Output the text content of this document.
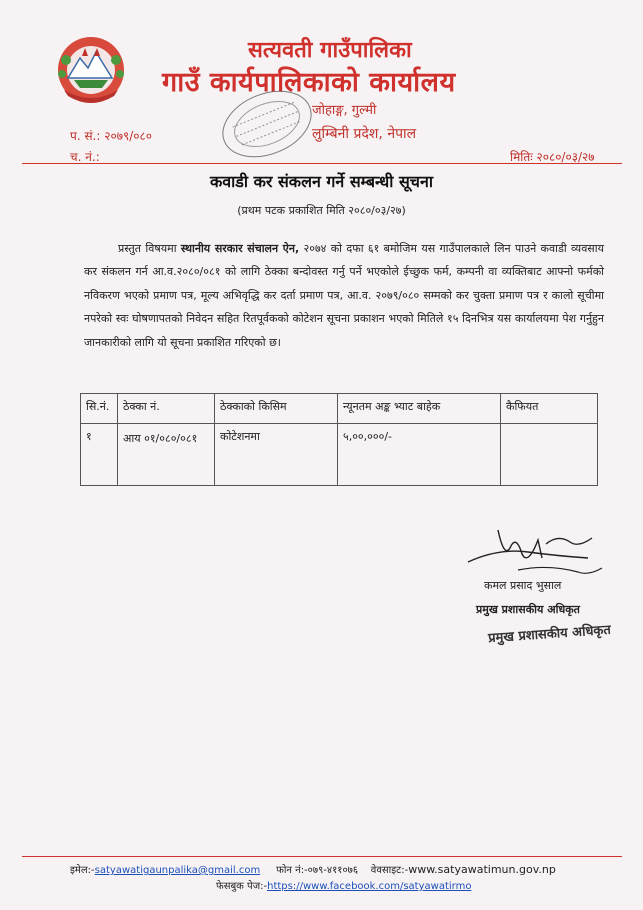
सत्यवती गाउँपालिका
गाउँ कार्यपालिकाको कार्यालय
जोहाङ्ग, गुल्मी
लुम्बिनी प्रदेश, नेपाल
प. सं.: २०७९/०८०
च. नं.:	मितिः २०८०/०३/२७
कवाडी कर संकलन गर्ने सम्बन्धी सूचना
(प्रथम पटक प्रकाशित मिति २०८०/०३/२७)
प्रस्तुत विषयमा स्थानीय सरकार संचालन ऐन, २०७४ को दफा ६१ बमोजिम यस गाउँपालकाले लिन पाउने कवाडी व्यवसाय कर संकलन गर्न आ.व.२०८०/०८१ को लागि ठेक्का बन्दोवस्त गर्नु पर्ने भएकोले ईच्छुक फर्म, कम्पनी वा व्यक्तिबाट आफ्नो फर्मको नविकरण भएको प्रमाण पत्र, मूल्य अभिवृद्धि कर दर्ता प्रमाण पत्र, आ.व. २०७९/०८० सम्मको कर चुक्ता प्रमाण पत्र र कालो सूचीमा नपरेको स्वः घोषणापतको निवेदन सहित रितपूर्वकको कोटेशन सूचना प्रकाशन भएको मितिले १५ दिनभित्र यस कार्यालयमा पेश गर्नुहुन जानकारीको लागि यो सूचना प्रकाशित गरिएको छ।
सि.नं.	ठेक्का नं.	ठेक्काको किसिम	न्यूनतम अङ्क भ्याट बाहेक	कैफियत
१	आय ०१/०८०/०८१	कोटेशनमा	५,००,०००/-	
कमल प्रसाद भुसाल
प्रमुख प्रशासकीय अधिकृत
प्रमुख प्रशासकीय अधिकृत
इमेल:-satyawatigaunpalika@gmail.com फोन नं:-०७९-४११०७६ वेवसाइट:-www.satyawatimun.gov.np
फेसबुक पेज:-https://www.facebook.com/satyawatirmo
